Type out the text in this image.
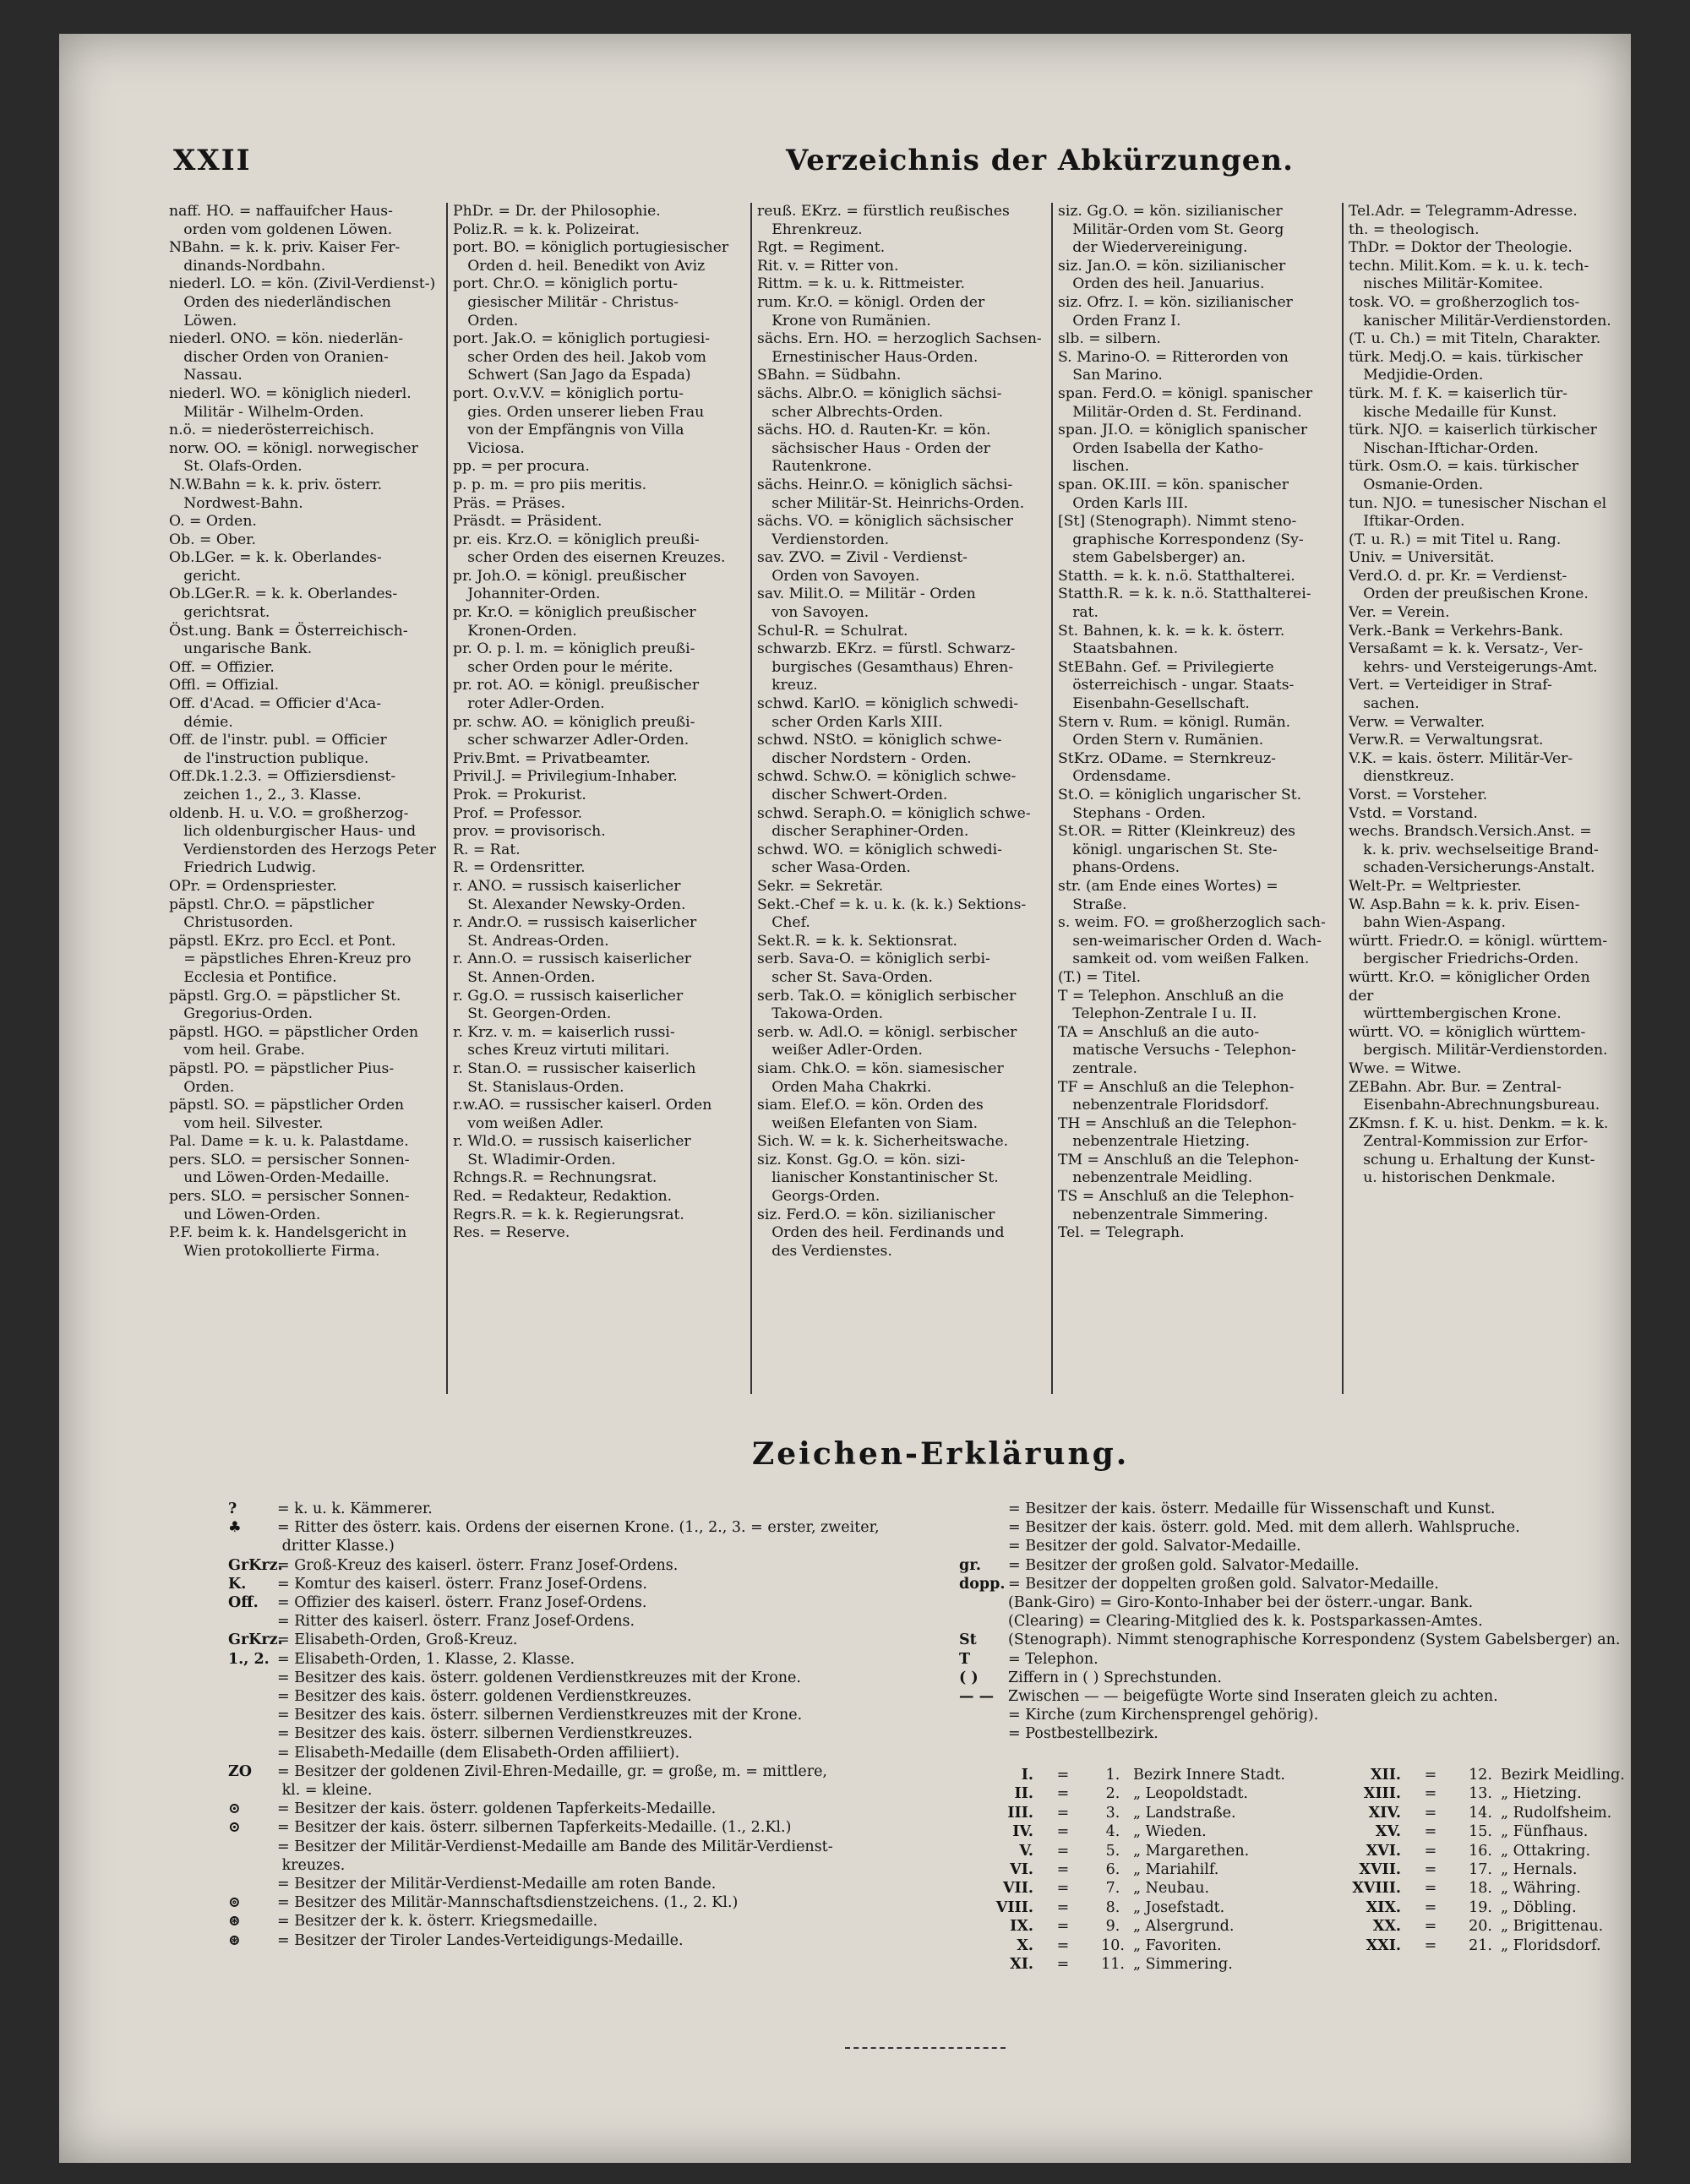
XXII	Verzeichnis der Abkürzungen.

naff. HO. = naffauifcher Haus-

 orden vom goldenen Löwen.

NBahn. = k. k. priv. Kaiser Fer-

 dinands-Nordbahn.

niederl. LO. = kön. (Zivil-Verdienst-)

 Orden des niederländischen

 Löwen.

niederl. ONO. = kön. niederlän-

 discher Orden von Oranien-

 Nassau.

niederl. WO. = königlich niederl.

 Militär - Wilhelm-Orden.

n.ö. = niederösterreichisch.

norw. OO. = königl. norwegischer

 St. Olafs-Orden.

N.W.Bahn = k. k. priv. österr.

 Nordwest-Bahn.

O. = Orden.

Ob. = Ober.

Ob.LGer. = k. k. Oberlandes-

 gericht.

Ob.LGer.R. = k. k. Oberlandes-

 gerichtsrat.

Öst.ung. Bank = Österreichisch-

 ungarische Bank.

Off. = Offizier.

Offl. = Offizial.

Off. d'Acad. = Officier d'Aca-

 démie.

Off. de l'instr. publ. = Officier

 de l'instruction publique.

Off.Dk.1.2.3. = Offiziersdienst-

 zeichen 1., 2., 3. Klasse.

oldenb. H. u. V.O. = großherzog-

 lich oldenburgischer Haus- und

 Verdienstorden des Herzogs Peter

 Friedrich Ludwig.

OPr. = Ordenspriester.

päpstl. Chr.O. = päpstlicher

 Christusorden.

päpstl. EKrz. pro Eccl. et Pont.

 = päpstliches Ehren-Kreuz pro

 Ecclesia et Pontifice.

päpstl. Grg.O. = päpstlicher St.

 Gregorius-Orden.

päpstl. HGO. = päpstlicher Orden

 vom heil. Grabe.

päpstl. PO. = päpstlicher Pius-

 Orden.

päpstl. SO. = päpstlicher Orden

 vom heil. Silvester.

Pal. Dame = k. u. k. Palastdame.

pers. SLO. = persischer Sonnen-

 und Löwen-Orden-Medaille.

pers. SLO. = persischer Sonnen-

 und Löwen-Orden.

P.F. beim k. k. Handelsgericht in

 Wien protokollierte Firma.

PhDr. = Dr. der Philosophie.

Poliz.R. = k. k. Polizeirat.

port. BO. = königlich portugiesischer

 Orden d. heil. Benedikt von Aviz

port. Chr.O. = königlich portu-

 giesischer Militär - Christus-

 Orden.

port. Jak.O. = königlich portugiesi-

 scher Orden des heil. Jakob vom

 Schwert (San Jago da Espada)

port. O.v.V.V. = königlich portu-

 gies. Orden unserer lieben Frau

 von der Empfängnis von Villa

 Viciosa.

pp. = per procura.

p. p. m. = pro piis meritis.

Präs. = Präses.

Präsdt. = Präsident.

pr. eis. Krz.O. = königlich preußi-

 scher Orden des eisernen Kreuzes.

pr. Joh.O. = königl. preußischer

 Johanniter-Orden.

pr. Kr.O. = königlich preußischer

 Kronen-Orden.

pr. O. p. l. m. = königlich preußi-

 scher Orden pour le mérite.

pr. rot. AO. = königl. preußischer

 roter Adler-Orden.

pr. schw. AO. = königlich preußi-

 scher schwarzer Adler-Orden.

Priv.Bmt. = Privatbeamter.

Privil.J. = Privilegium-Inhaber.

Prok. = Prokurist.

Prof. = Professor.

prov. = provisorisch.

R. = Rat.

R. = Ordensritter.

r. ANO. = russisch kaiserlicher

 St. Alexander Newsky-Orden.

r. Andr.O. = russisch kaiserlicher

 St. Andreas-Orden.

r. Ann.O. = russisch kaiserlicher

 St. Annen-Orden.

r. Gg.O. = russisch kaiserlicher

 St. Georgen-Orden.

r. Krz. v. m. = kaiserlich russi-

 sches Kreuz virtuti militari.

r. Stan.O. = russischer kaiserlich

 St. Stanislaus-Orden.

r.w.AO. = russischer kaiserl. Orden

 vom weißen Adler.

r. Wld.O. = russisch kaiserlicher

 St. Wladimir-Orden.

Rchngs.R. = Rechnungsrat.

Red. = Redakteur, Redaktion.

Regrs.R. = k. k. Regierungsrat.

Res. = Reserve.

reuß. EKrz. = fürstlich reußisches

 Ehrenkreuz.

Rgt. = Regiment.

Rit. v. = Ritter von.

Rittm. = k. u. k. Rittmeister.

rum. Kr.O. = königl. Orden der

 Krone von Rumänien.

sächs. Ern. HO. = herzoglich Sachsen-

 Ernestinischer Haus-Orden.

SBahn. = Südbahn.

sächs. Albr.O. = königlich sächsi-

 scher Albrechts-Orden.

sächs. HO. d. Rauten-Kr. = kön.

 sächsischer Haus - Orden der

 Rautenkrone.

sächs. Heinr.O. = königlich sächsi-

 scher Militär-St. Heinrichs-Orden.

sächs. VO. = königlich sächsischer

 Verdienstorden.

sav. ZVO. = Zivil - Verdienst-

 Orden von Savoyen.

sav. Milit.O. = Militär - Orden

 von Savoyen.

Schul-R. = Schulrat.

schwarzb. EKrz. = fürstl. Schwarz-

 burgisches (Gesamthaus) Ehren-

 kreuz.

schwd. KarlO. = königlich schwedi-

 scher Orden Karls XIII.

schwd. NStO. = königlich schwe-

 discher Nordstern - Orden.

schwd. Schw.O. = königlich schwe-

 discher Schwert-Orden.

schwd. Seraph.O. = königlich schwe-

 discher Seraphiner-Orden.

schwd. WO. = königlich schwedi-

 scher Wasa-Orden.

Sekr. = Sekretär.

Sekt.-Chef = k. u. k. (k. k.) Sektions-

 Chef.

Sekt.R. = k. k. Sektionsrat.

serb. Sava-O. = königlich serbi-

 scher St. Sava-Orden.

serb. Tak.O. = königlich serbischer

 Takowa-Orden.

serb. w. Adl.O. = königl. serbischer

 weißer Adler-Orden.

siam. Chk.O. = kön. siamesischer

 Orden Maha Chakrki.

siam. Elef.O. = kön. Orden des

 weißen Elefanten von Siam.

Sich. W. = k. k. Sicherheitswache.

siz. Konst. Gg.O. = kön. sizi-

 lianischer Konstantinischer St.

 Georgs-Orden.

siz. Ferd.O. = kön. sizilianischer

 Orden des heil. Ferdinands und

 des Verdienstes.

siz. Gg.O. = kön. sizilianischer

 Militär-Orden vom St. Georg

 der Wiedervereinigung.

siz. Jan.O. = kön. sizilianischer

 Orden des heil. Januarius.

siz. Ofrz. I. = kön. sizilianischer

 Orden Franz I.

slb. = silbern.

S. Marino-O. = Ritterorden von

 San Marino.

span. Ferd.O. = königl. spanischer

 Militär-Orden d. St. Ferdinand.

span. JI.O. = königlich spanischer

 Orden Isabella der Katho-

 lischen.

span. OK.III. = kön. spanischer

 Orden Karls III.

[St] (Stenograph). Nimmt steno-

 graphische Korrespondenz (Sy-

 stem Gabelsberger) an.

Statth. = k. k. n.ö. Statthalterei.

Statth.R. = k. k. n.ö. Statthalterei-

 rat.

St. Bahnen, k. k. = k. k. österr.

 Staatsbahnen.

StEBahn. Gef. = Privilegierte

 österreichisch - ungar. Staats-

 Eisenbahn-Gesellschaft.

Stern v. Rum. = königl. Rumän.

 Orden Stern v. Rumänien.

StKrz. ODame. = Sternkreuz-

 Ordensdame.

St.O. = königlich ungarischer St.

 Stephans - Orden.

St.OR. = Ritter (Kleinkreuz) des

 königl. ungarischen St. Ste-

 phans-Ordens.

str. (am Ende eines Wortes) =

 Straße.

s. weim. FO. = großherzoglich sach-

 sen-weimarischer Orden d. Wach-

 samkeit od. vom weißen Falken.

(T.) = Titel.

T = Telephon. Anschluß an die

 Telephon-Zentrale I u. II.

TA = Anschluß an die auto-

 matische Versuchs - Telephon-

 zentrale.

TF = Anschluß an die Telephon-

 nebenzentrale Floridsdorf.

TH = Anschluß an die Telephon-

 nebenzentrale Hietzing.

TM = Anschluß an die Telephon-

 nebenzentrale Meidling.

TS = Anschluß an die Telephon-

 nebenzentrale Simmering.

Tel. = Telegraph.

Tel.Adr. = Telegramm-Adresse.

th. = theologisch.

ThDr. = Doktor der Theologie.

techn. Milit.Kom. = k. u. k. tech-

 nisches Militär-Komitee.

tosk. VO. = großherzoglich tos-

 kanischer Militär-Verdienstorden.

(T. u. Ch.) = mit Titeln, Charakter.

türk. Medj.O. = kais. türkischer

 Medjidie-Orden.

türk. M. f. K. = kaiserlich tür-

 kische Medaille für Kunst.

türk. NJO. = kaiserlich türkischer

 Nischan-Iftichar-Orden.

türk. Osm.O. = kais. türkischer

 Osmanie-Orden.

tun. NJO. = tunesischer Nischan el

 Iftikar-Orden.

(T. u. R.) = mit Titel u. Rang.

Univ. = Universität.

Verd.O. d. pr. Kr. = Verdienst-

 Orden der preußischen Krone.

Ver. = Verein.

Verk.-Bank = Verkehrs-Bank.

Versaßamt = k. k. Versatz-, Ver-

 kehrs- und Versteigerungs-Amt.

Vert. = Verteidiger in Straf-

 sachen.

Verw. = Verwalter.

Verw.R. = Verwaltungsrat.

V.K. = kais. österr. Militär-Ver-

 dienstkreuz.

Vorst. = Vorsteher.

Vstd. = Vorstand.

wechs. Brandsch.Versich.Anst. =

 k. k. priv. wechselseitige Brand-

 schaden-Versicherungs-Anstalt.

Welt-Pr. = Weltpriester.

W. Asp.Bahn = k. k. priv. Eisen-

 bahn Wien-Aspang.

württ. Friedr.O. = königl. württem-

 bergischer Friedrichs-Orden.

württ. Kr.O. = königlicher Orden der

 württembergischen Krone.

württ. VO. = königlich württem-

 bergisch. Militär-Verdienstorden.

Wwe. = Witwe.

ZEBahn. Abr. Bur. = Zentral-

 Eisenbahn-Abrechnungsbureau.

ZKmsn. f. K. u. hist. Denkm. = k. k.

 Zentral-Kommission zur Erfor-

 schung u. Erhaltung der Kunst-

 u. historischen Denkmale.

Zeichen-Erklärung.

?	= k. u. k. Kämmerer.

♣ = Ritter des österr. kais. Ordens der eisernen Krone. (1., 2., 3. = erster, zweiter,

dritter Klasse.)

GrKrz.= Groß-Kreuz des kaiserl. österr. Franz Josef-Ordens.

K. = Komtur des kaiserl. österr. Franz Josef-Ordens.

Off. = Offizier des kaiserl. österr. Franz Josef-Ordens.

= Ritter des kaiserl. österr. Franz Josef-Ordens.

GrKrz.= Elisabeth-Orden, Groß-Kreuz.

1., 2. = Elisabeth-Orden, 1. Klasse, 2. Klasse.

= Besitzer des kais. österr. goldenen Verdienstkreuzes mit der Krone.

= Besitzer des kais. österr. goldenen Verdienstkreuzes.

= Besitzer des kais. österr. silbernen Verdienstkreuzes mit der Krone.

= Besitzer des kais. österr. silbernen Verdienstkreuzes.

= Elisabeth-Medaille (dem Elisabeth-Orden affiliiert).

ZO = Besitzer der goldenen Zivil-Ehren-Medaille, gr. = große, m. = mittlere,

kl. = kleine.

⊙ = Besitzer der kais. österr. goldenen Tapferkeits-Medaille.

⊙ = Besitzer der kais. österr. silbernen Tapferkeits-Medaille. (1., 2.Kl.)

= Besitzer der Militär-Verdienst-Medaille am Bande des Militär-Verdienst-

kreuzes.

= Besitzer der Militär-Verdienst-Medaille am roten Bande.

⊚ = Besitzer des Militär-Mannschaftsdienstzeichens. (1., 2. Kl.)

⊛ = Besitzer der k. k. österr. Kriegsmedaille.

⊛ = Besitzer der Tiroler Landes-Verteidigungs-Medaille.

= Besitzer der kais. österr. Medaille für Wissenschaft und Kunst.

= Besitzer der kais. österr. gold. Med. mit dem allerh. Wahlspruche.

= Besitzer der gold. Salvator-Medaille.

gr. = Besitzer der großen gold. Salvator-Medaille.

dopp. = Besitzer der doppelten großen gold. Salvator-Medaille.

(Bank-Giro) = Giro-Konto-Inhaber bei der österr.-ungar. Bank.

(Clearing) = Clearing-Mitglied des k. k. Postsparkassen-Amtes.

St (Stenograph). Nimmt stenographische Korrespondenz (System Gabelsberger) an.

T	= Telephon.

( ) Ziffern in ( ) Sprechstunden.

— — Zwischen — — beigefügte Worte sind Inseraten gleich zu achten.

= Kirche (zum Kirchensprengel gehörig).

= Postbestellbezirk.

I. = 1. Bezirk Innere Stadt.

II. = 2. „ Leopoldstadt.

III. = 3. „ Landstraße.

IV. = 4. „ Wieden.

V. = 5. „ Margarethen.

VI. = 6. „ Mariahilf.

VII. = 7. „ Neubau.

VIII. = 8. „ Josefstadt.

IX. = 9. „ Alsergrund.

X. = 10. „ Favoriten.

XI. = 11. „ Simmering.

XII. = 12. Bezirk Meidling.

XIII. = 13. „ Hietzing.

XIV. = 14. „ Rudolfsheim.

XV. = 15. „ Fünfhaus.

XVI. = 16. „ Ottakring.

XVII. = 17. „ Hernals.

XVIII. = 18. „ Währing.

XIX. = 19. „ Döbling.

XX. = 20. „ Brigittenau.

XXI. = 21. „ Floridsdorf.
